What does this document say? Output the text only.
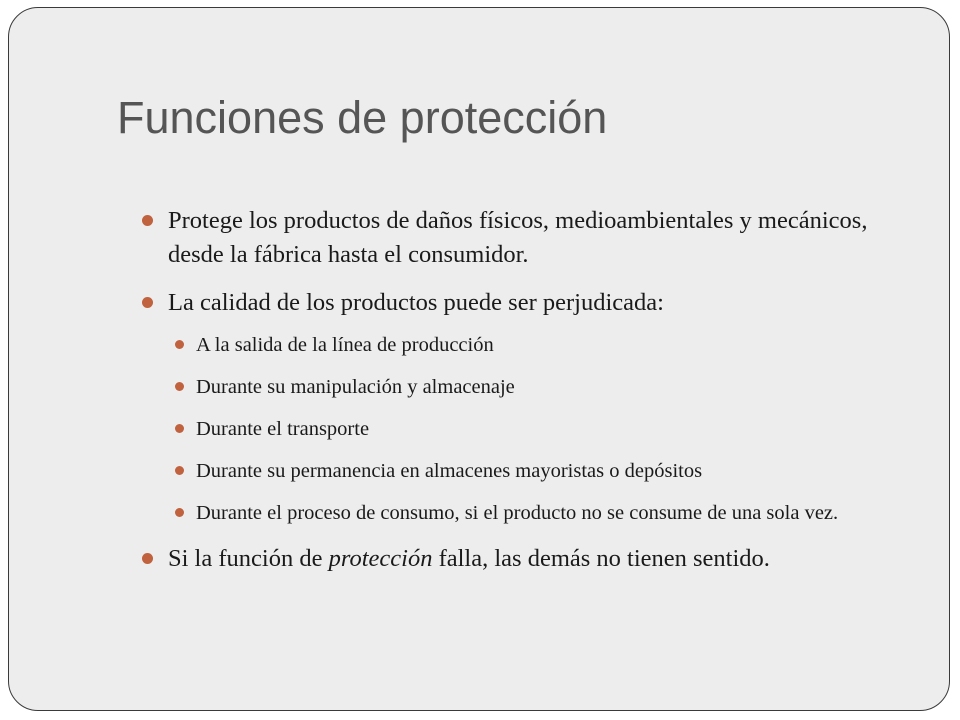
Funciones de protección
Protege los productos de daños físicos, medioambientales y mecánicos, desde la fábrica hasta el consumidor.
La calidad de los productos puede ser perjudicada:
A la salida de la línea de producción
Durante su manipulación y almacenaje
Durante el transporte
Durante su permanencia en almacenes mayoristas o depósitos
Durante el proceso de consumo, si el producto no se consume de una sola vez.
Si la función de protección falla, las demás no tienen sentido.
